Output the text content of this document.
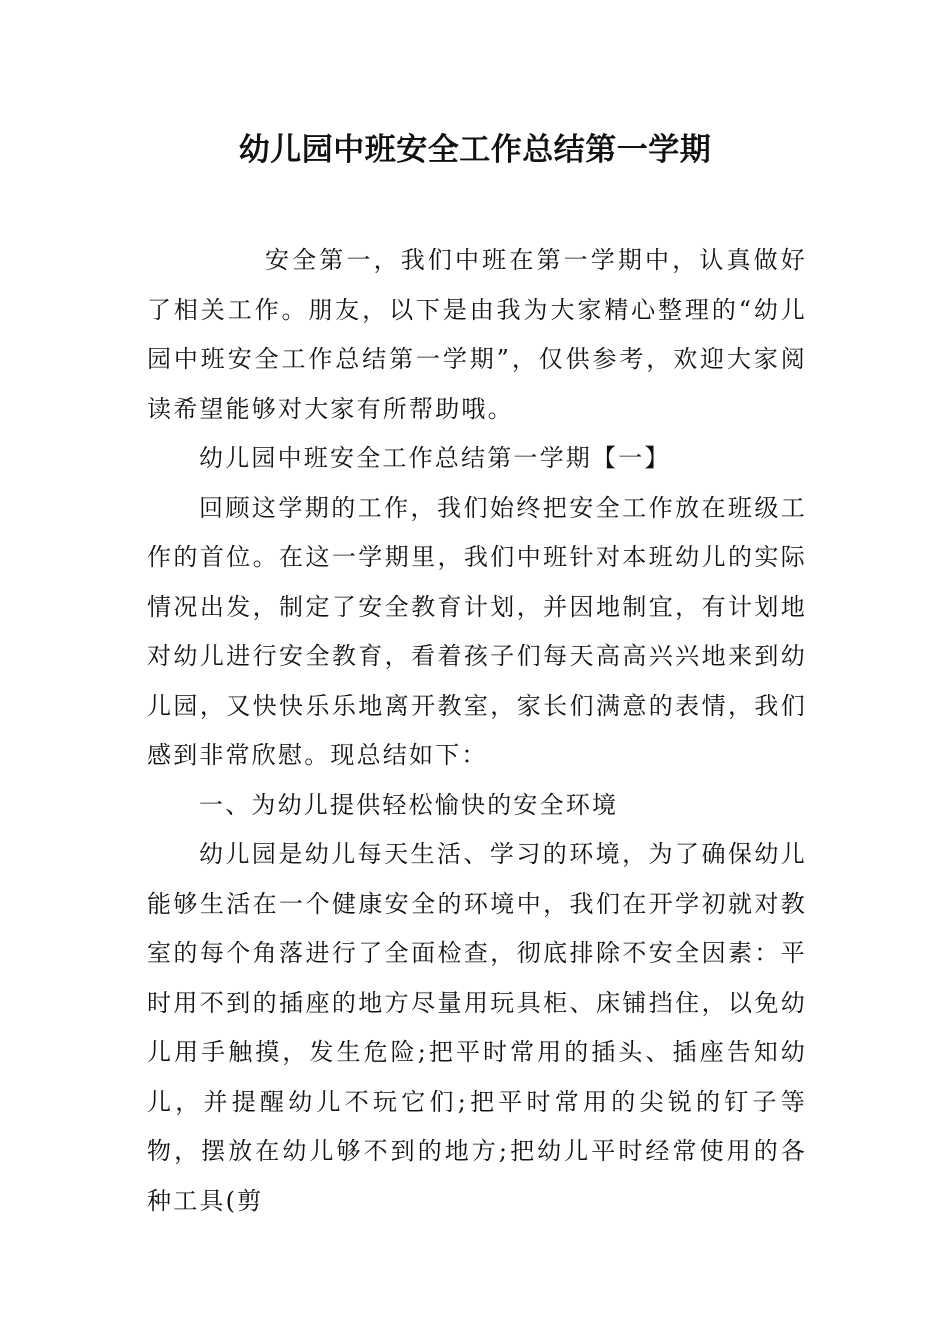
幼儿园中班安全工作总结第一学期

安全第一，我们中班在第一学期中，认真做好了相关工作。朋友，以下是由我为大家精心整理的“幼儿园中班安全工作总结第一学期”，仅供参考，欢迎大家阅读希望能够对大家有所帮助哦。

幼儿园中班安全工作总结第一学期【一】

回顾这学期的工作，我们始终把安全工作放在班级工作的首位。在这一学期里，我们中班针对本班幼儿的实际情况出发，制定了安全教育计划，并因地制宜，有计划地对幼儿进行安全教育，看着孩子们每天高高兴兴地来到幼儿园，又快快乐乐地离开教室，家长们满意的表情，我们感到非常欣慰。现总结如下：

一、为幼儿提供轻松愉快的安全环境

幼儿园是幼儿每天生活、学习的环境，为了确保幼儿能够生活在一个健康安全的环境中，我们在开学初就对教室的每个角落进行了全面检查，彻底排除不安全因素：平时用不到的插座的地方尽量用玩具柜、床铺挡住，以免幼儿用手触摸，发生危险;把平时常用的插头、插座告知幼儿，并提醒幼儿不玩它们;把平时常用的尖锐的钉子等物，摆放在幼儿够不到的地方;把幼儿平时经常使用的各种工具(剪
